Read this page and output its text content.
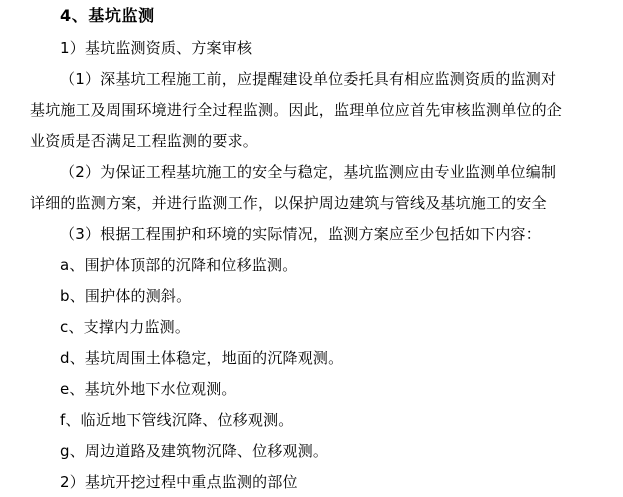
4、基坑监测
1）基坑监测资质、方案审核
（1）深基坑工程施工前，应提醒建设单位委托具有相应监测资质的监测对
基坑施工及周围环境进行全过程监测。因此，监理单位应首先审核监测单位的企
业资质是否满足工程监测的要求。
（2）为保证工程基坑施工的安全与稳定，基坑监测应由专业监测单位编制
详细的监测方案，并进行监测工作，以保护周边建筑与管线及基坑施工的安全
（3）根据工程围护和环境的实际情况，监测方案应至少包括如下内容：
a、围护体顶部的沉降和位移监测。
b、围护体的测斜。
c、支撑内力监测。
d、基坑周围土体稳定，地面的沉降观测。
e、基坑外地下水位观测。
f、临近地下管线沉降、位移观测。
g、周边道路及建筑物沉降、位移观测。
2）基坑开挖过程中重点监测的部位
